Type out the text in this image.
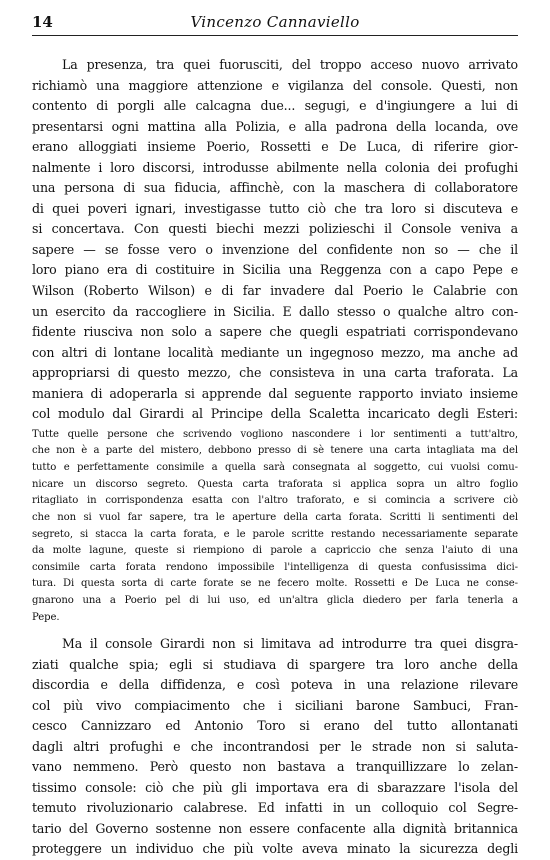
14	Vincenzo Cannaviello
La presenza, tra quei fuorusciti, del troppo acceso nuovo arrivato
richiamò una maggiore attenzione e vigilanza del console. Questi, non
contento di porgli alle calcagna due... segugi, e d'ingiungere a lui di
presentarsi ogni mattina alla Polizia, e alla padrona della locanda, ove
erano alloggiati insieme Poerio, Rossetti e De Luca, di riferire gior-
nalmente i loro discorsi, introdusse abilmente nella colonia dei profughi
una persona di sua fiducia, affinchè, con la maschera di collaboratore
di quei poveri ignari, investigasse tutto ciò che tra loro si discuteva e
si concertava. Con questi biechi mezzi polizieschi il Console veniva a
sapere — se fosse vero o invenzione del confidente non so — che il
loro piano era di costituire in Sicilia una Reggenza con a capo Pepe e
Wilson (Roberto Wilson) e di far invadere dal Poerio le Calabrie con
un esercito da raccogliere in Sicilia. E dallo stesso o qualche altro con-
fidente riusciva non solo a sapere che quegli espatriati corrispondevano
con altri di lontane località mediante un ingegnoso mezzo, ma anche ad
appropriarsi di questo mezzo, che consisteva in una carta traforata. La
maniera di adoperarla si apprende dal seguente rapporto inviato insieme
col modulo dal Girardi al Principe della Scaletta incaricato degli Esteri:
Tutte quelle persone che scrivendo vogliono nascondere i lor sentimenti a tutt'altro,
che non è a parte del mistero, debbono presso di sè tenere una carta intagliata ma del
tutto e perfettamente consimile a quella sarà consegnata al soggetto, cui vuolsi comu-
nicare un discorso segreto. Questa carta traforata si applica sopra un altro foglio
ritagliato in corrispondenza esatta con l'altro traforato, e si comincia a scrivere ciò
che non si vuol far sapere, tra le aperture della carta forata. Scritti li sentimenti del
segreto, si stacca la carta forata, e le parole scritte restando necessariamente separate
da molte lagune, queste si riempiono di parole a capriccio che senza l'aiuto di una
consimile carta forata rendono impossibile l'intelligenza di questa confusissima dici-
tura. Di questa sorta di carte forate se ne fecero molte. Rossetti e De Luca ne conse-
gnarono una a Poerio pel di lui uso, ed un'altra glicla diedero per farla tenerla a
Pepe.
Ma il console Girardi non si limitava ad introdurre tra quei disgra-
ziati qualche spia; egli si studiava di spargere tra loro anche della
discordia e della diffidenza, e così poteva in una relazione rilevare
col più vivo compiacimento che i siciliani barone Sambuci, Fran-
cesco Cannizzaro ed Antonio Toro si erano del tutto allontanati
dagli altri profughi e che incontrandosi per le strade non si saluta-
vano nemmeno. Però questo non bastava a tranquillizzare lo zelan-
tissimo console: ciò che più gli importava era di sbarazzare l'isola del
temuto rivoluzionario calabrese. Ed infatti in un colloquio col Segre-
tario del Governo sostenne non essere confacente alla dignità britannica
proteggere un individuo che più volte aveva minato la sicurezza degli
